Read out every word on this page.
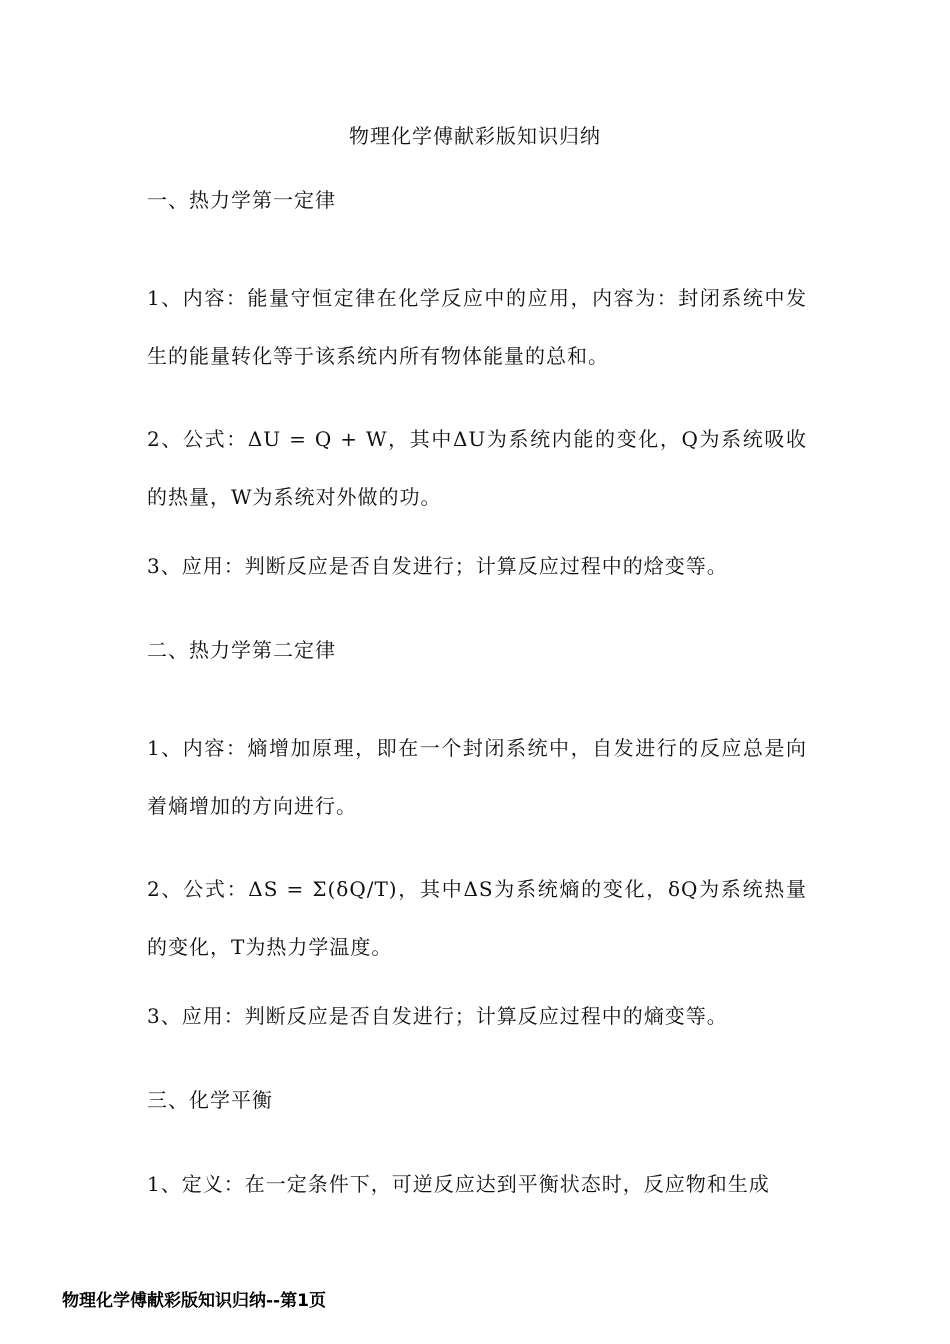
物理化学傅献彩版知识归纳
一、热力学第一定律
1、内容：能量守恒定律在化学反应中的应用，内容为：封闭系统中发生的能量转化等于该系统内所有物体能量的总和。
2、公式：ΔU = Q + W，其中ΔU为系统内能的变化，Q为系统吸收的热量，W为系统对外做的功。
3、应用：判断反应是否自发进行；计算反应过程中的焓变等。
二、热力学第二定律
1、内容：熵增加原理，即在一个封闭系统中，自发进行的反应总是向着熵增加的方向进行。
2、公式：ΔS = Σ(δQ/T)，其中ΔS为系统熵的变化，δQ为系统热量的变化，T为热力学温度。
3、应用：判断反应是否自发进行；计算反应过程中的熵变等。
三、化学平衡
1、定义：在一定条件下，可逆反应达到平衡状态时，反应物和生成
物理化学傅献彩版知识归纳--第1页
